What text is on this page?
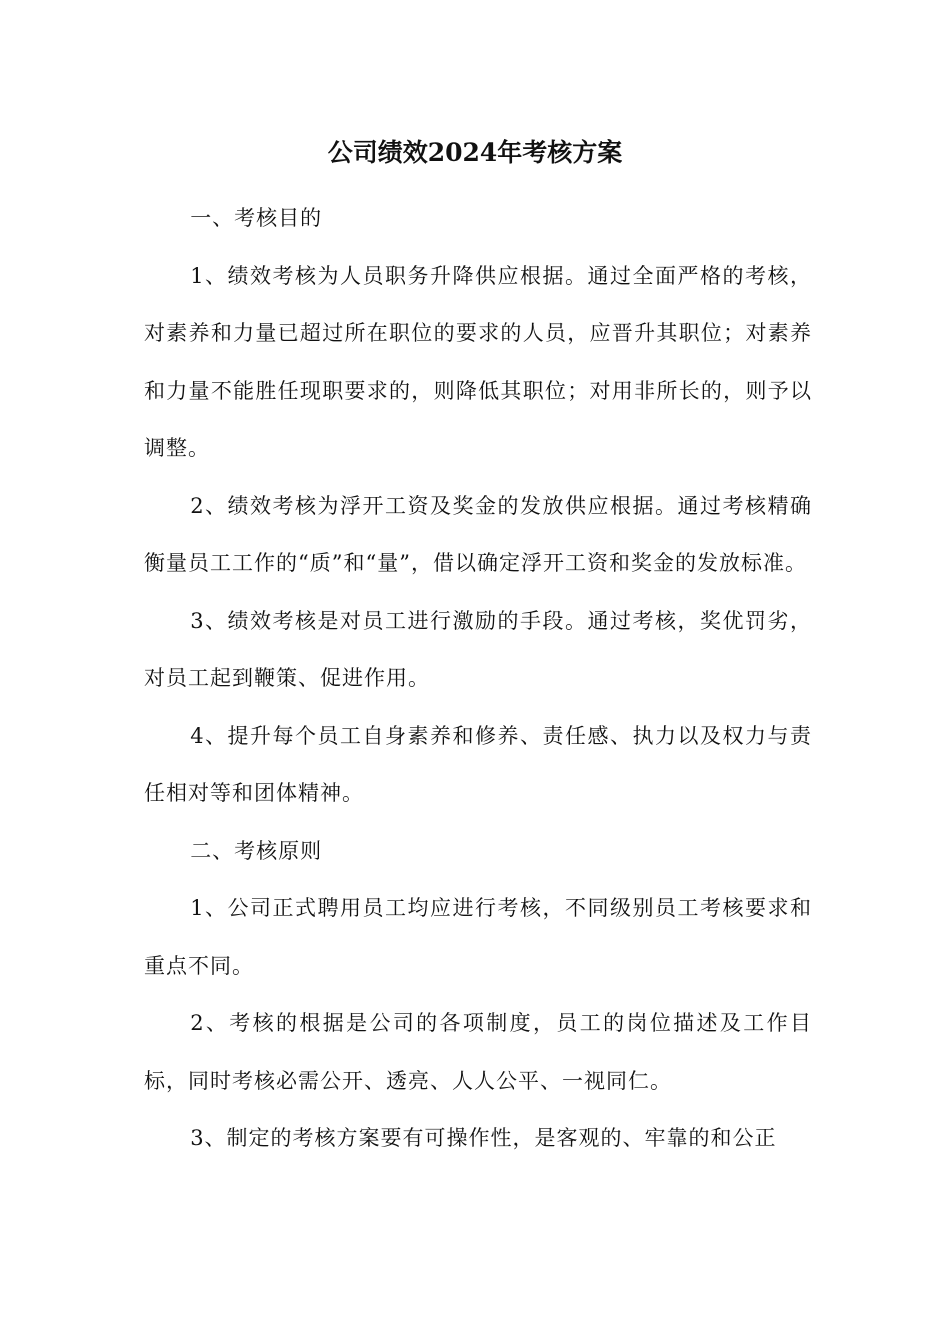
公司绩效2024年考核方案

一、考核目的

1、绩效考核为人员职务升降供应根据。通过全面严格的考核，对素养和力量已超过所在职位的要求的人员，应晋升其职位；对素养和力量不能胜任现职要求的，则降低其职位；对用非所长的，则予以调整。

2、绩效考核为浮开工资及奖金的发放供应根据。通过考核精确衡量员工工作的“质”和“量”，借以确定浮开工资和奖金的发放标准。

3、绩效考核是对员工进行激励的手段。通过考核，奖优罚劣，对员工起到鞭策、促进作用。

4、提升每个员工自身素养和修养、责任感、执力以及权力与责任相对等和团体精神。

二、考核原则

1、公司正式聘用员工均应进行考核，不同级别员工考核要求和重点不同。

2、考核的根据是公司的各项制度，员工的岗位描述及工作目标，同时考核必需公开、透亮、人人公平、一视同仁。

3、制定的考核方案要有可操作性，是客观的、牢靠的和公正
